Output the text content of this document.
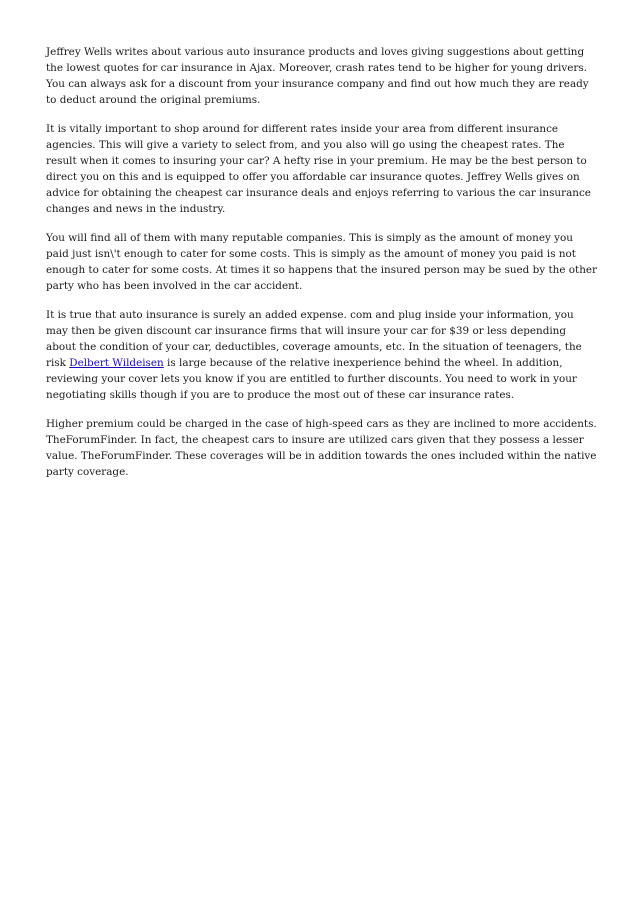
Jeffrey Wells writes about various auto insurance products and loves giving suggestions about getting the lowest quotes for car insurance in Ajax. Moreover, crash rates tend to be higher for young drivers. You can always ask for a discount from your insurance company and find out how much they are ready to deduct around the original premiums.

It is vitally important to shop around for different rates inside your area from different insurance agencies. This will give a variety to select from, and you also will go using the cheapest rates. The result when it comes to insuring your car? A hefty rise in your premium. He may be the best person to direct you on this and is equipped to offer you affordable car insurance quotes. Jeffrey Wells gives on advice for obtaining the cheapest car insurance deals and enjoys referring to various the car insurance changes and news in the industry.

You will find all of them with many reputable companies. This is simply as the amount of money you paid just isn\'t enough to cater for some costs. This is simply as the amount of money you paid is not enough to cater for some costs. At times it so happens that the insured person may be sued by the other party who has been involved in the car accident.

It is true that auto insurance is surely an added expense. com and plug inside your information, you may then be given discount car insurance firms that will insure your car for $39 or less depending about the condition of your car, deductibles, coverage amounts, etc. In the situation of teenagers, the risk Delbert Wildeisen is large because of the relative inexperience behind the wheel. In addition, reviewing your cover lets you know if you are entitled to further discounts. You need to work in your negotiating skills though if you are to produce the most out of these car insurance rates.

Higher premium could be charged in the case of high-speed cars as they are inclined to more accidents. TheForumFinder. In fact, the cheapest cars to insure are utilized cars given that they possess a lesser value. TheForumFinder. These coverages will be in addition towards the ones included within the native party coverage.
